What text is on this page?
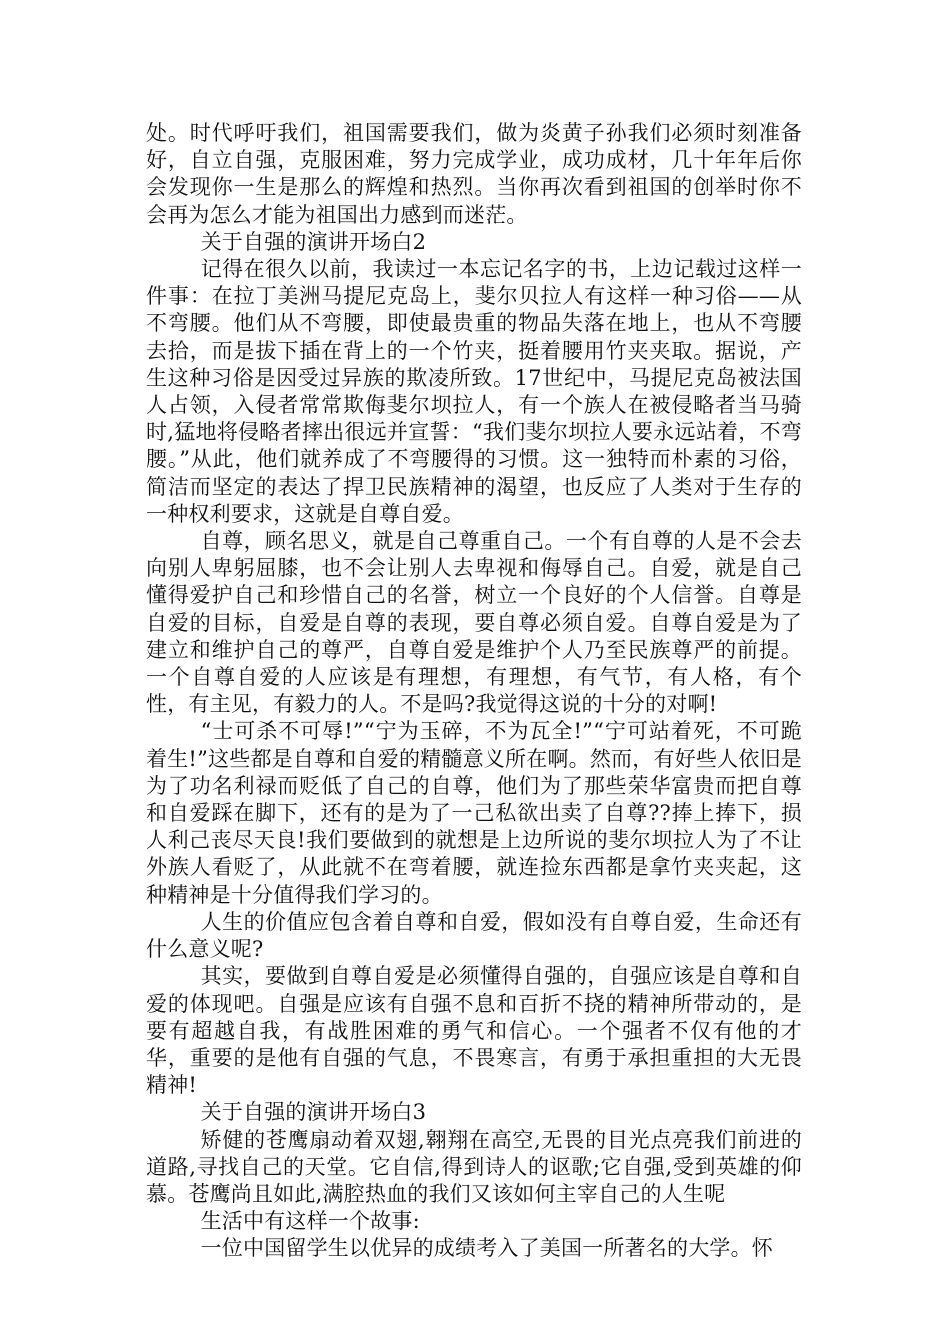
处。时代呼吁我们，祖国需要我们，做为炎黄子孙我们必须时刻准备好，自立自强，克服困难，努力完成学业，成功成材，几十年年后你会发现你一生是那么的辉煌和热烈。当你再次看到祖国的创举时你不会再为怎么才能为祖国出力感到而迷茫。

关于自强的演讲开场白2

记得在很久以前，我读过一本忘记名字的书，上边记载过这样一件事：在拉丁美洲马提尼克岛上，斐尔贝拉人有这样一种习俗——从不弯腰。他们从不弯腰，即使最贵重的物品失落在地上，也从不弯腰去拾，而是拔下插在背上的一个竹夹，挺着腰用竹夹夹取。据说，产生这种习俗是因受过异族的欺凌所致。17世纪中，马提尼克岛被法国人占领，入侵者常常欺侮斐尔坝拉人，有一个族人在被侵略者当马骑时,猛地将侵略者摔出很远并宣誓：“我们斐尔坝拉人要永远站着，不弯腰。”从此，他们就养成了不弯腰得的习惯。这一独特而朴素的习俗，简洁而坚定的表达了捍卫民族精神的渴望，也反应了人类对于生存的一种权利要求，这就是自尊自爱。

自尊，顾名思义，就是自己尊重自己。一个有自尊的人是不会去向别人卑躬屈膝，也不会让别人去卑视和侮辱自己。自爱，就是自己懂得爱护自己和珍惜自己的名誉，树立一个良好的个人信誉。自尊是自爱的目标，自爱是自尊的表现，要自尊必须自爱。自尊自爱是为了建立和维护自己的尊严，自尊自爱是维护个人乃至民族尊严的前提。一个自尊自爱的人应该是有理想，有理想，有气节，有人格，有个性，有主见，有毅力的人。不是吗?我觉得这说的十分的对啊!

“士可杀不可辱!”“宁为玉碎，不为瓦全!”“宁可站着死，不可跪着生!”这些都是自尊和自爱的精髓意义所在啊。然而，有好些人依旧是为了功名利禄而贬低了自己的自尊，他们为了那些荣华富贵而把自尊和自爱踩在脚下，还有的是为了一己私欲出卖了自尊??捧上捧下，损人利己丧尽天良!我们要做到的就想是上边所说的斐尔坝拉人为了不让外族人看贬了，从此就不在弯着腰，就连捡东西都是拿竹夹夹起，这种精神是十分值得我们学习的。

人生的价值应包含着自尊和自爱，假如没有自尊自爱，生命还有什么意义呢?

其实，要做到自尊自爱是必须懂得自强的，自强应该是自尊和自爱的体现吧。自强是应该有自强不息和百折不挠的精神所带动的，是要有超越自我，有战胜困难的勇气和信心。一个强者不仅有他的才华，重要的是他有自强的气息，不畏寒言，有勇于承担重担的大无畏精神!

关于自强的演讲开场白3

矫健的苍鹰扇动着双翅,翱翔在高空,无畏的目光点亮我们前进的道路,寻找自己的天堂。它自信,得到诗人的讴歌;它自强,受到英雄的仰慕。苍鹰尚且如此,满腔热血的我们又该如何主宰自己的人生呢

生活中有这样一个故事:

一位中国留学生以优异的成绩考入了美国一所著名的大学。怀
